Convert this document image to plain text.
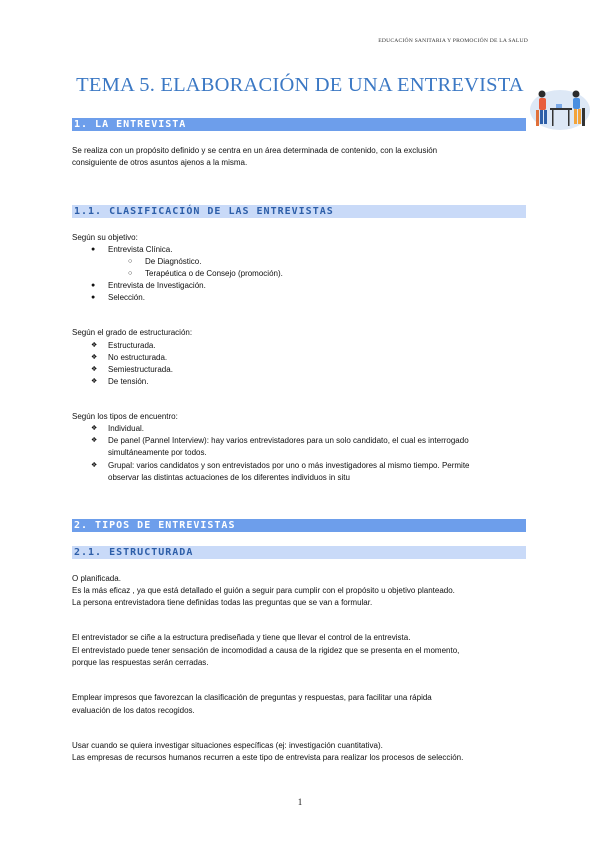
EDUCACIÓN SANITARIA Y PROMOCIÓN DE LA SALUD
TEMA 5. ELABORACIÓN DE UNA ENTREVISTA
1. LA ENTREVISTA
Se realiza con un propósito definido y se centra en un área determinada de contenido, con la exclusión
consiguiente de otros asuntos ajenos a la misma.
1.1. CLASIFICACIÓN DE LAS ENTREVISTAS
Según su objetivo:
● Entrevista Clínica.
○ De Diagnóstico.
○ Terapéutica o de Consejo (promoción).
● Entrevista de Investigación.
● Selección.
Según el grado de estructuración:
❖ Estructurada.
❖ No estructurada.
❖ Semiestructurada.
❖ De tensión.
Según los tipos de encuentro:
❖ Individual.
❖ De panel (Pannel Interview): hay varios entrevistadores para un solo candidato, el cual es interrogado
simultáneamente por todos.
❖ Grupal: varios candidatos y son entrevistados por uno o más investigadores al mismo tiempo. Permite
observar las distintas actuaciones de los diferentes individuos in situ
2. TIPOS DE ENTREVISTAS
2.1. ESTRUCTURADA
O planificada.
Es la más eficaz , ya que está detallado el guión a seguir para cumplir con el propósito u objetivo planteado.
La persona entrevistadora tiene definidas todas las preguntas que se van a formular.
El entrevistador se ciñe a la estructura prediseñada y tiene que llevar el control de la entrevista.
El entrevistado puede tener sensación de incomodidad a causa de la rigidez que se presenta en el momento,
porque las respuestas serán cerradas.
Emplear impresos que favorezcan la clasificación de preguntas y respuestas, para facilitar una rápida
evaluación de los datos recogidos.
Usar cuando se quiera investigar situaciones específicas (ej: investigación cuantitativa).
Las empresas de recursos humanos recurren a este tipo de entrevista para realizar los procesos de selección.
1
